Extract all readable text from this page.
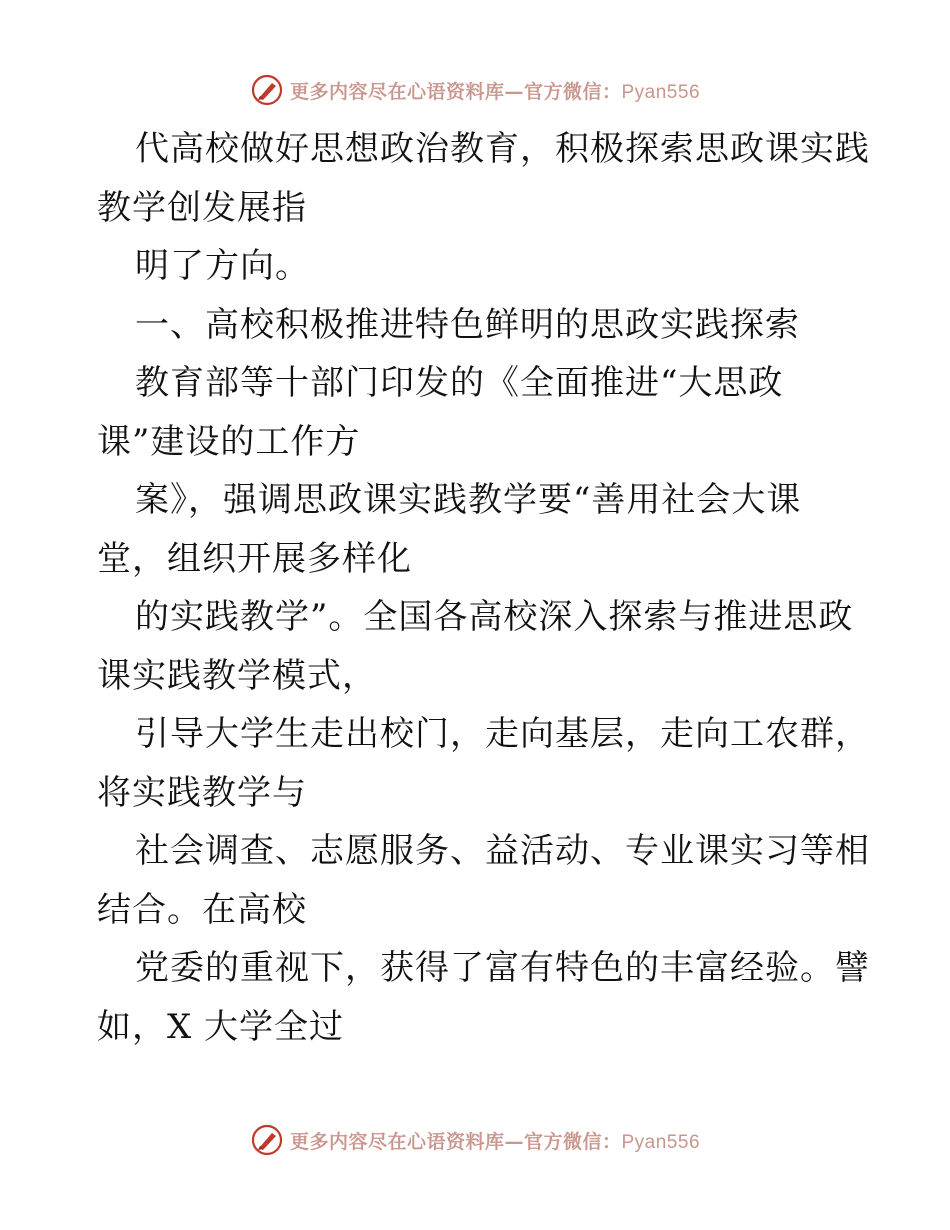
更多内容尽在心语资料库—官方微信：Pyan556
代高校做好思想政治教育，积极探索思政课实践
教学创发展指
明了方向。
一、高校积极推进特色鲜明的思政实践探索
教育部等十部门印发的《全面推进“大思政
课”建设的工作方
案》，强调思政课实践教学要“善用社会大课
堂，组织开展多样化
的实践教学”。全国各高校深入探索与推进思政
课实践教学模式，
引导大学生走出校门，走向基层，走向工农群，
将实践教学与
社会调查、志愿服务、益活动、专业课实习等相
结合。在高校
党委的重视下，获得了富有特色的丰富经验。譬
如，X 大学全过
更多内容尽在心语资料库—官方微信：Pyan556
